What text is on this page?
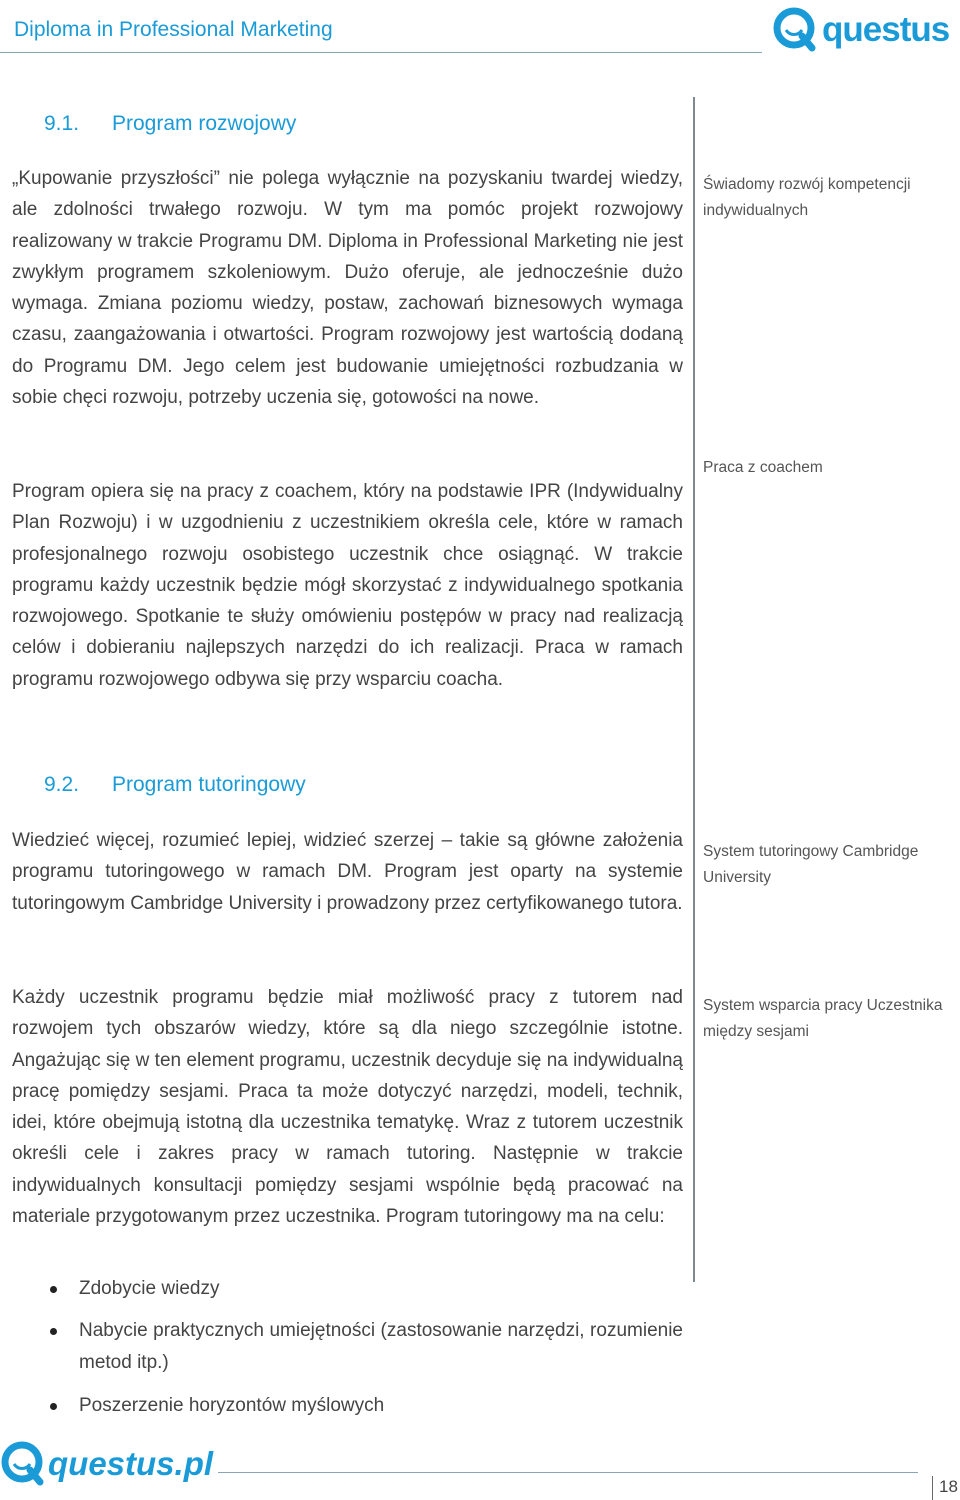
Diploma in Professional Marketing	questus
9.1. Program rozwojowy

„Kupowanie przyszłości” nie polega wyłącznie na pozyskaniu twardej wiedzy, ale zdolności trwałego rozwoju. W tym ma pomóc projekt rozwojowy realizowany w trakcie Programu DM. Diploma in Professional Marketing nie jest zwykłym programem szkoleniowym. Dużo oferuje, ale jednocześnie dużo wymaga. Zmiana poziomu wiedzy, postaw, zachowań biznesowych wymaga czasu, zaangażowania i otwartości. Program rozwojowy jest wartością dodaną do Programu DM. Jego celem jest budowanie umiejętności rozbudzania w sobie chęci rozwoju, potrzeby uczenia się, gotowości na nowe.

Program opiera się na pracy z coachem, który na podstawie IPR (Indywidualny Plan Rozwoju) i w uzgodnieniu z uczestnikiem określa cele, które w ramach profesjonalnego rozwoju osobistego uczestnik chce osiągnąć. W trakcie programu każdy uczestnik będzie mógł skorzystać z indywidualnego spotkania rozwojowego. Spotkanie te służy omówieniu postępów w pracy nad realizacją celów i dobieraniu najlepszych narzędzi do ich realizacji. Praca w ramach programu rozwojowego odbywa się przy wsparciu coacha.

Świadomy rozwój kompetencji indywidualnych

Praca z coachem

9.2. Program tutoringowy

Wiedzieć więcej, rozumieć lepiej, widzieć szerzej – takie są główne założenia programu tutoringowego w ramach DM. Program jest oparty na systemie tutoringowym Cambridge University i prowadzony przez certyfikowanego tutora.

Każdy uczestnik programu będzie miał możliwość pracy z tutorem nad rozwojem tych obszarów wiedzy, które są dla niego szczególnie istotne. Angażując się w ten element programu, uczestnik decyduje się na indywidualną pracę pomiędzy sesjami. Praca ta może dotyczyć narzędzi, modeli, technik, idei, które obejmują istotną dla uczestnika tematykę. Wraz z tutorem uczestnik określi cele i zakres pracy w ramach tutoring. Następnie w trakcie indywidualnych konsultacji pomiędzy sesjami wspólnie będą pracować na materiale przygotowanym przez uczestnika. Program tutoringowy ma na celu:

System tutoringowy Cambridge University

System wsparcia pracy Uczestnika między sesjami

Zdobycie wiedzy
Nabycie praktycznych umiejętności (zastosowanie narzędzi, rozumienie metod itp.)
Poszerzenie horyzontów myślowych
questus.pl
18
